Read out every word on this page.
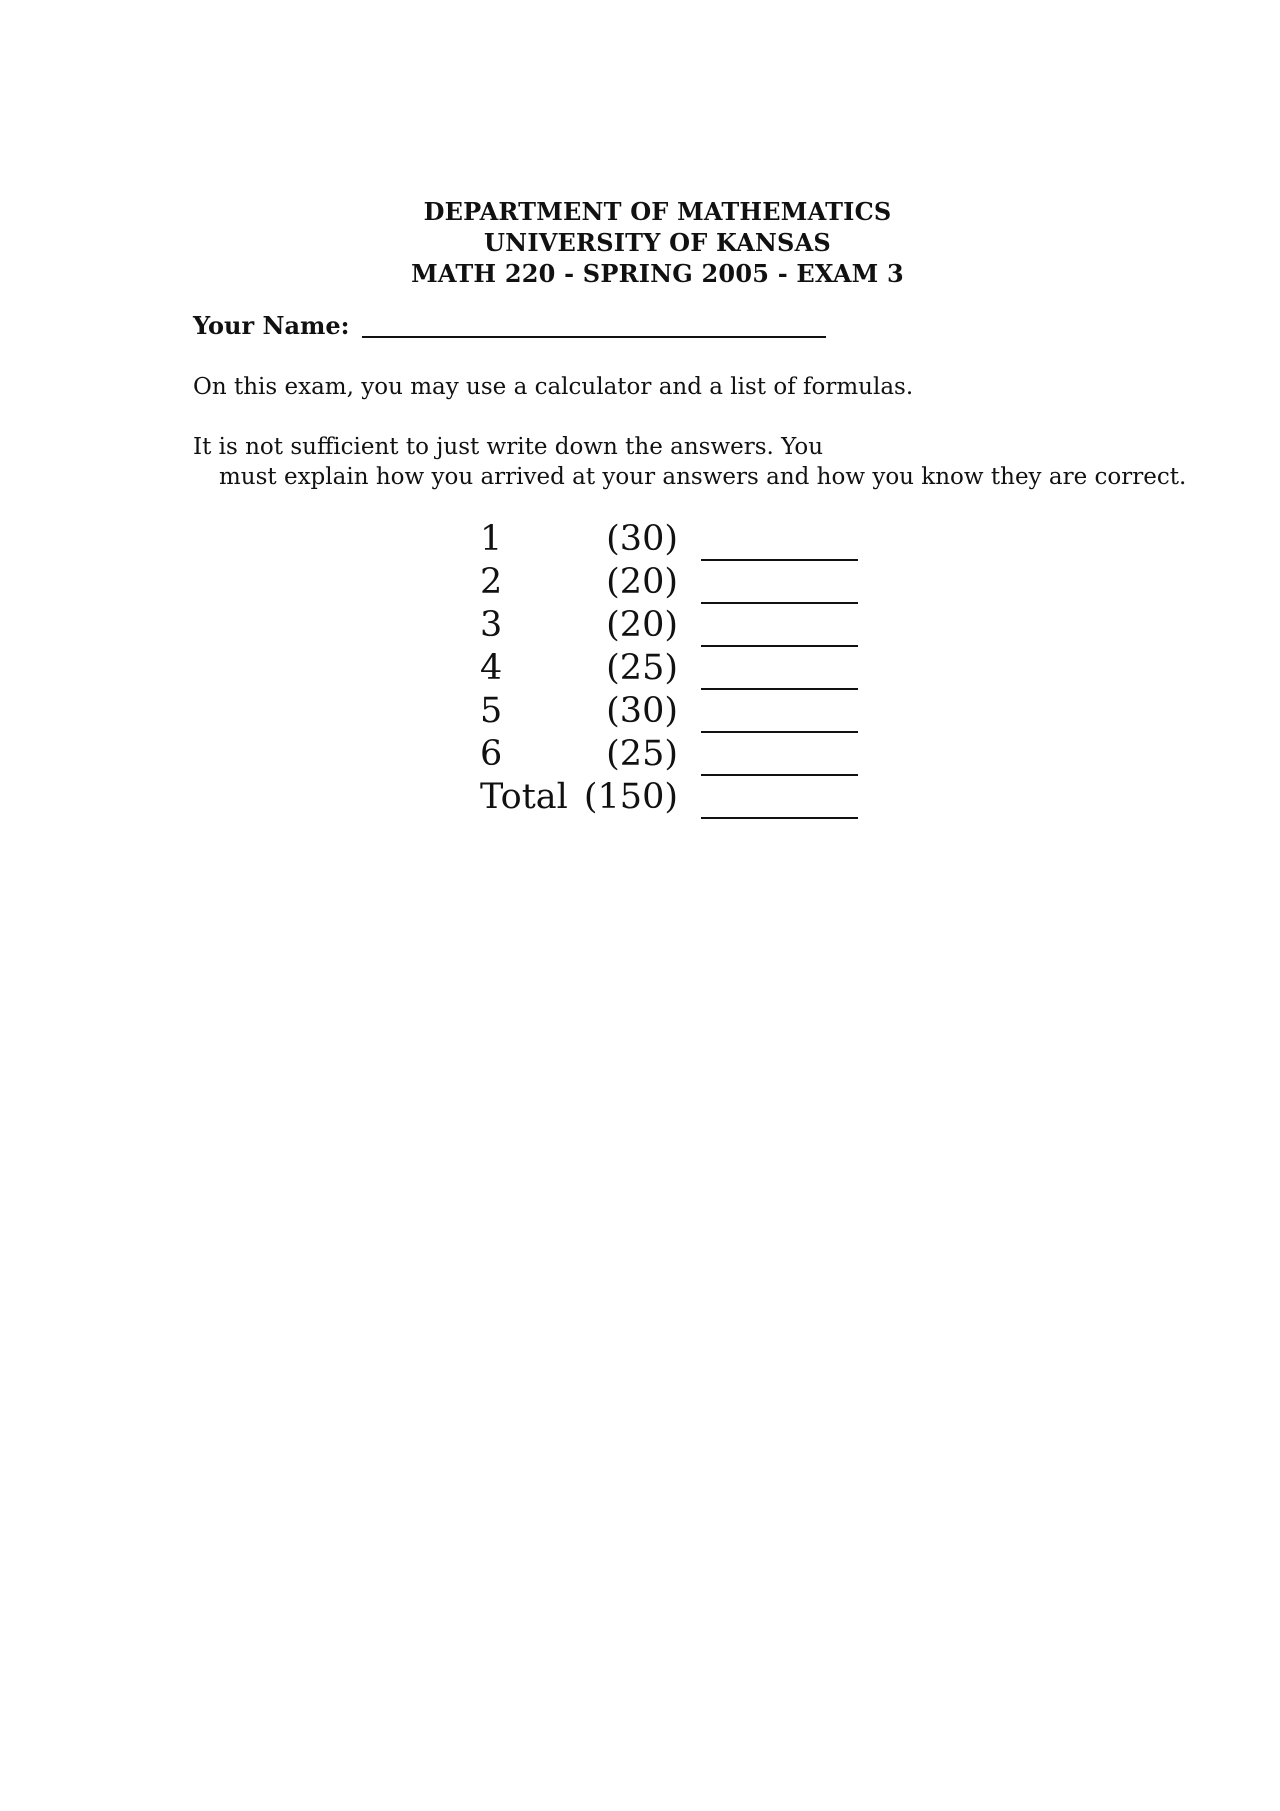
DEPARTMENT OF MATHEMATICS
UNIVERSITY OF KANSAS
MATH 220 - SPRING 2005 - EXAM 3
Your Name:
On this exam, you may use a calculator and a list of formulas.
It is not sufficient to just write down the answers. You
must explain how you arrived at your answers and how you know they are correct.
1	(30)	

2	(20)	

3	(20)	

4	(25)	

5	(30)	

6	(25)	

Total	(150)	
